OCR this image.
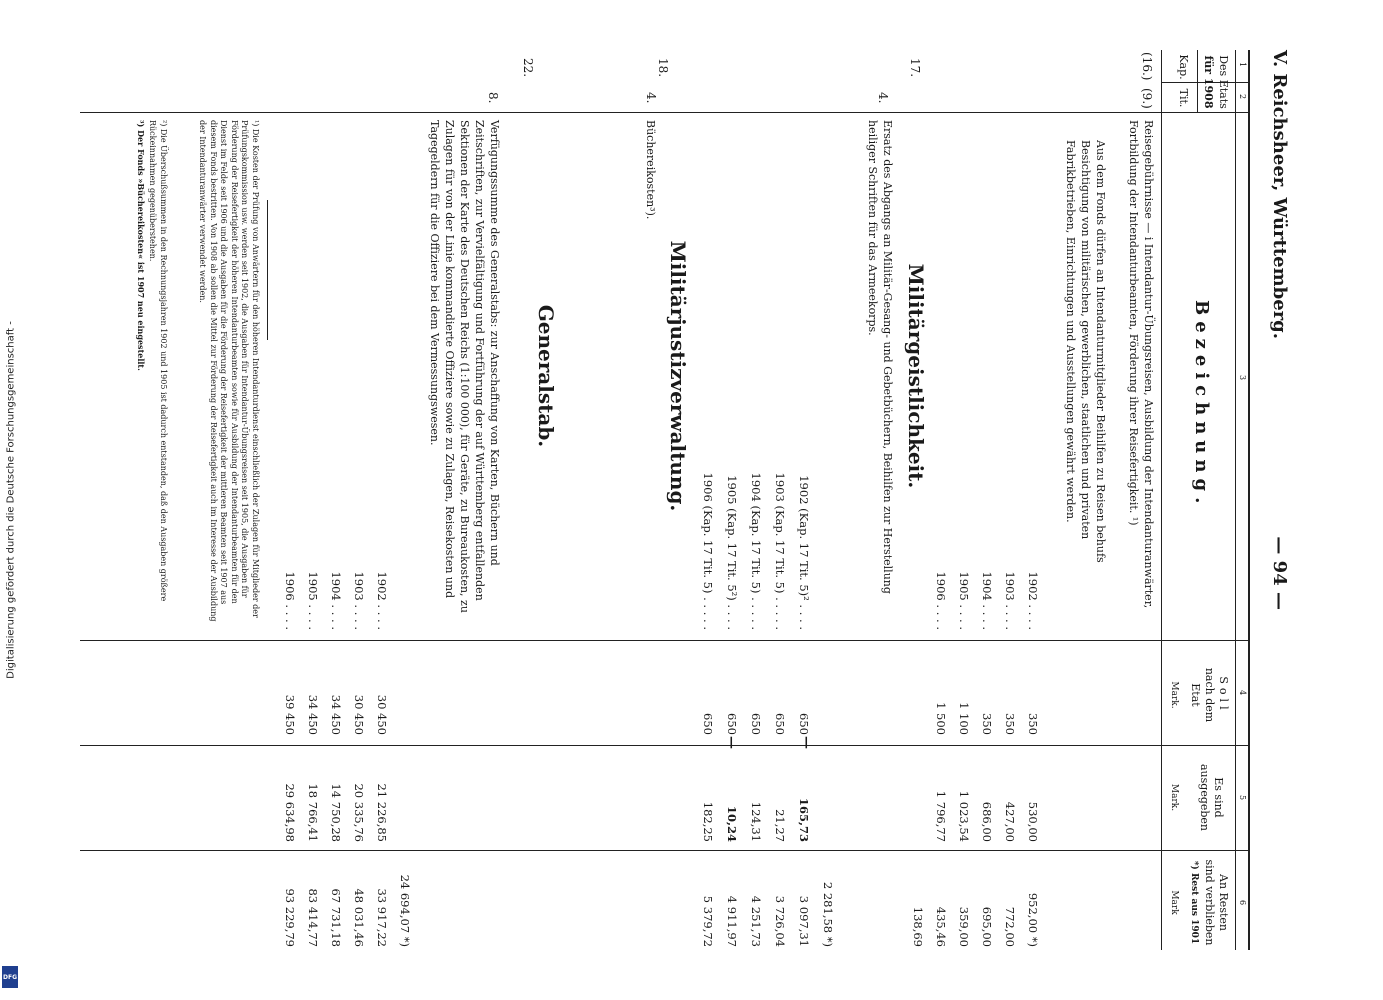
Digitalisierung gefördert durch die Deutsche Forschungsgemeinschaft -
DFG
V. Reichsheer, Württemberg.
— 94 —
1
2
3
4
5
6
Des Etats
für 1908
Kap.
Tit.
Bezeichnung.
Soll
nach dem
Etat
Mark.
Es sind
ausgegeben
Mark.
An Resten
sind verblieben
*) Rest aus 1901
Mark
(16.)
(9.)
17.
4.
18.
4.
22.
8.
Reisegebührnisse — i Intendantur-Übungsreisen, Ausbildung der Intendanturanwärter, Fortbildung der Intendanturbeamten, Förderung ihrer Reisefertigkeit. ¹)
Aus dem Fonds dürfen an Intendanturmitglieder Beihilfen zu Reisen behufs Besichtigung von militärischen, gewerblichen, staatlichen und privaten Fabrikbetrieben, Einrichtungen und Ausstellungen gewährt werden.
1902 . . . .
350
530,00
952,00 *)
1903 . . . .
350
427,00
772,00
1904 . . . .
350
686,00
695,00
1905 . . . .
1 100
1 023,54
359,00
1906 . . . .
1 500
1 796,77
435,46
138,69
Militärgeistlichkeit.
Ersatz des Abgangs an Militär-Gesang- und Gebetbüchern, Beihilfen zur Herstellung heiliger Schriften für das Armeekorps.
2 281,58 *)
1902 (Kap. 17 Tit. 5)² . . . .
650
165,73
3 097,31
1903 (Kap. 17 Tit. 5) . . . . .
650
21,27
3 726,04
1904 (Kap. 17 Tit. 5) . . . . .
650
124,31
4 251,73
1905 (Kap. 17 Tit. 5²) . . . .
650
10,24
4 911,97
1906 (Kap. 17 Tit. 5) . . . . .
650
182,25
5 379,72
Militärjustizverwaltung.
Büchereikosten³).
Generalstab.
Verfügungssumme des Generalstabs: zur Anschaffung von Karten, Büchern und Zeitschriften, zur Vervielfältigung und Fortführung der auf Württemberg entfallenden Sektionen der Karte des Deutschen Reichs (1:100 000), für Geräte, zu Bureaukosten, zu Zulagen für von der Linie kommandierte Offiziere sowie zu Zulagen, Reisekosten und Tagegeldern für die Offiziere bei dem Vermessungswesen.
24 694,07 *)
1902 . . . .
30 450
21 226,85
33 917,22
1903 . . . .
30 450
20 335,76
48 031,46
1904 . . . .
34 450
14 750,28
67 731,18
1905 . . . .
34 450
18 766,41
83 414,77
1906 . . . .
39 450
29 634,98
93 229,79
¹) Die Kosten der Prüfung von Anwärtern für den höheren Intendanturdienst einschließlich der Zulagen für Mitglieder der Prüfungskommission usw. werden seit 1902, die Ausgaben für Intendantur-Übungsreisen seit 1905, die Ausgaben für Förderung der Reisefertigkeit der höheren Intendanturbeamten sowie für Ausbildung der Intendanturbeamten für den Dienst im Felde seit 1906 und die Ausgaben für die Förderung der Reisefertigkeit der mittleren Beamten seit 1907 aus diesem Fonds bestritten. Von 1908 ab sollen die Mittel zur Förderung der Reisefertigkeit auch im Interesse der Ausbildung der Intendanturanwärter verwendet werden.
²) Die Überschußsummen in den Rechnungsjahren 1902 und 1905 ist dadurch entstanden, daß den Ausgaben größere Rückeinnahmen gegenüberstehen.
³) Der Fonds »Büchereikosten« ist 1907 neu eingestellt.
—
—
